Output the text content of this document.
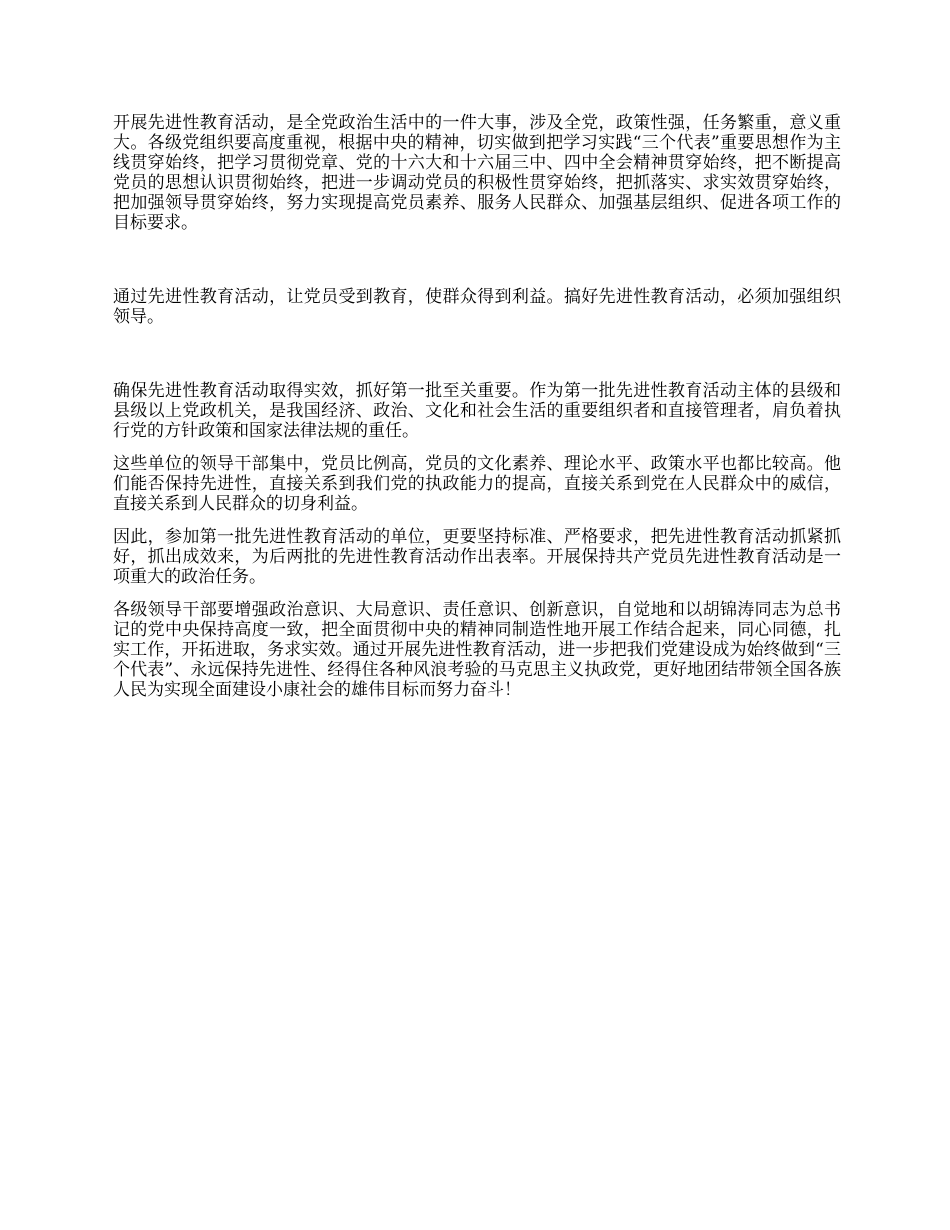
开展先进性教育活动，是全党政治生活中的一件大事，涉及全党，政策性强，任务繁重，意义重大。各级党组织要高度重视，根据中央的精神，切实做到把学习实践“三个代表”重要思想作为主线贯穿始终，把学习贯彻党章、党的十六大和十六届三中、四中全会精神贯穿始终，把不断提高党员的思想认识贯彻始终，把进一步调动党员的积极性贯穿始终，把抓落实、求实效贯穿始终，把加强领导贯穿始终，努力实现提高党员素养、服务人民群众、加强基层组织、促进各项工作的目标要求。

通过先进性教育活动，让党员受到教育，使群众得到利益。搞好先进性教育活动，必须加强组织领导。

确保先进性教育活动取得实效，抓好第一批至关重要。作为第一批先进性教育活动主体的县级和县级以上党政机关，是我国经济、政治、文化和社会生活的重要组织者和直接管理者，肩负着执行党的方针政策和国家法律法规的重任。

这些单位的领导干部集中，党员比例高，党员的文化素养、理论水平、政策水平也都比较高。他们能否保持先进性，直接关系到我们党的执政能力的提高，直接关系到党在人民群众中的威信，直接关系到人民群众的切身利益。

因此，参加第一批先进性教育活动的单位，更要坚持标准、严格要求，把先进性教育活动抓紧抓好，抓出成效来，为后两批的先进性教育活动作出表率。开展保持共产党员先进性教育活动是一项重大的政治任务。

各级领导干部要增强政治意识、大局意识、责任意识、创新意识，自觉地和以胡锦涛同志为总书记的党中央保持高度一致，把全面贯彻中央的精神同制造性地开展工作结合起来，同心同德，扎实工作，开拓进取，务求实效。通过开展先进性教育活动，进一步把我们党建设成为始终做到“三个代表”、永远保持先进性、经得住各种风浪考验的马克思主义执政党，更好地团结带领全国各族人民为实现全面建设小康社会的雄伟目标而努力奋斗！
